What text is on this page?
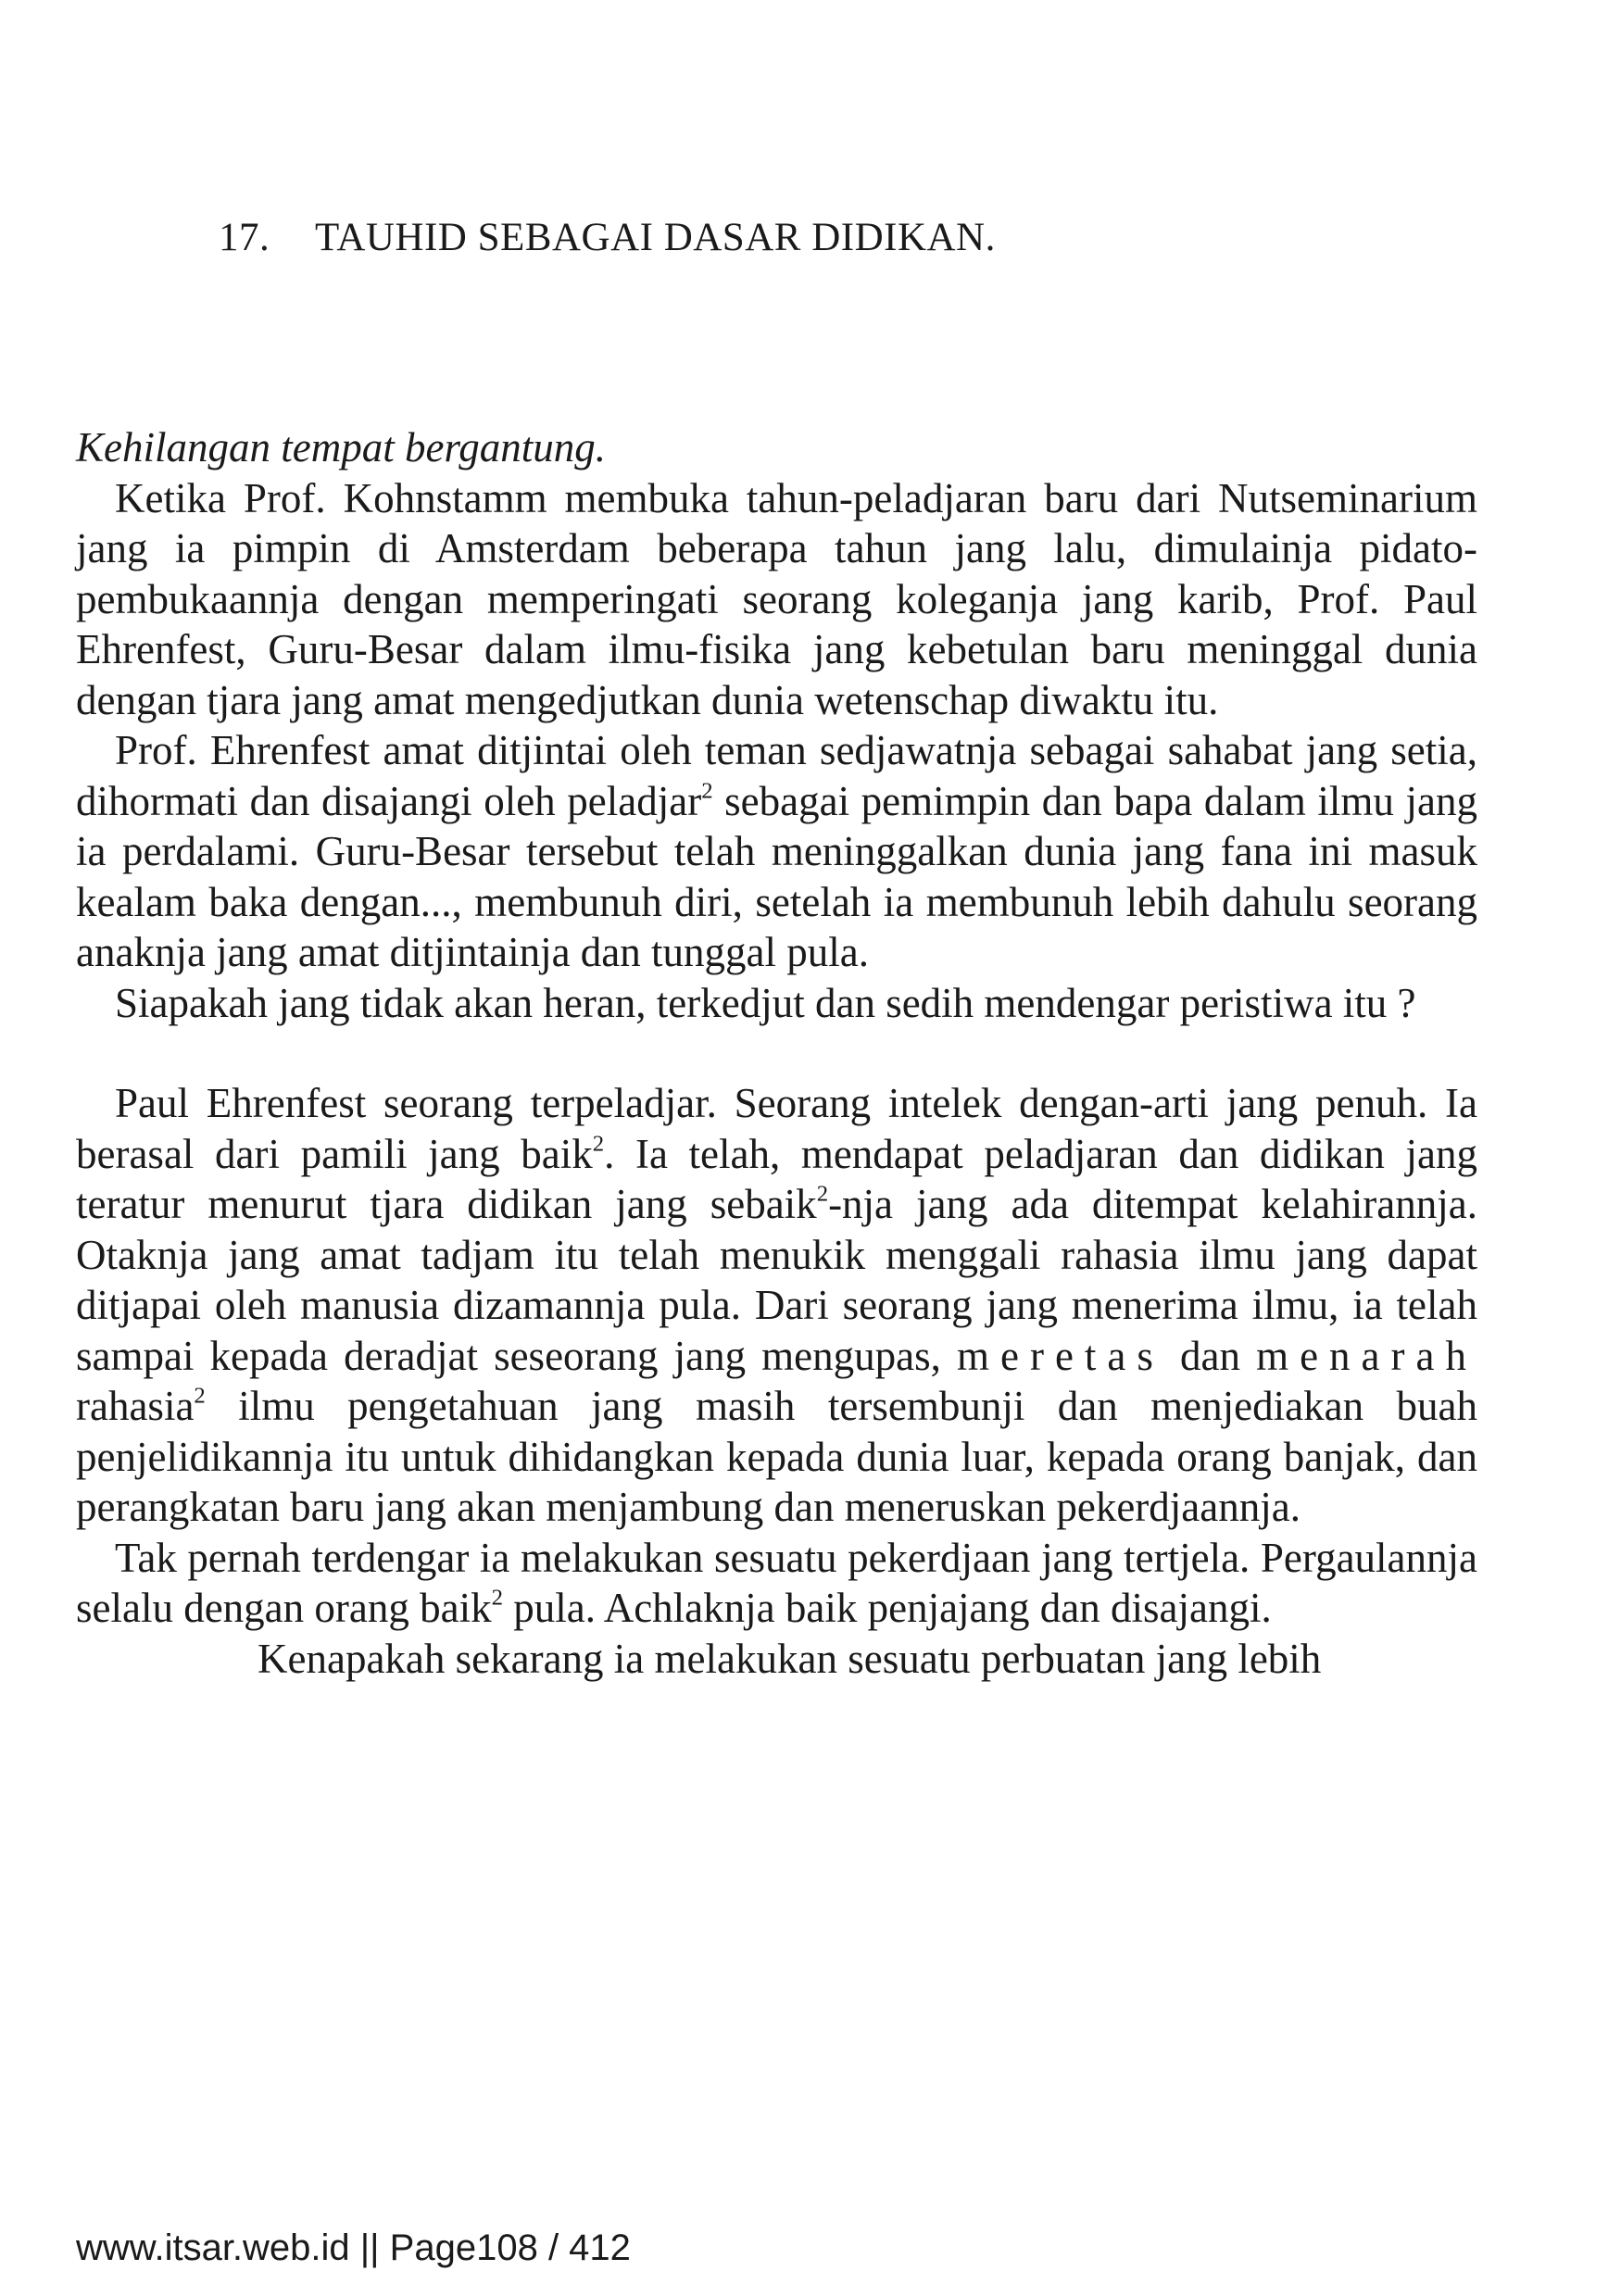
17. TAUHID SEBAGAI DASAR DIDIKAN.

Kehilangan tempat bergantung.

Ketika Prof. Kohnstamm membuka tahun-peladjaran baru dari Nutseminarium jang ia pimpin di Amsterdam beberapa tahun jang lalu, dimulainja pidato-pembukaannja dengan memperingati seorang koleganja jang karib, Prof. Paul Ehrenfest, Guru-Besar dalam ilmu-fisika jang kebetulan baru meninggal dunia dengan tjara jang amat mengedjutkan dunia wetenschap diwaktu itu.

Prof. Ehrenfest amat ditjintai oleh teman sedjawatnja sebagai sahabat jang setia, dihormati dan disajangi oleh peladjar$^2$ sebagai pemimpin dan bapa dalam ilmu jang ia perdalami. Guru-Besar tersebut telah meninggalkan dunia jang fana ini masuk kealam baka dengan..., membunuh diri, setelah ia membunuh lebih dahulu seorang anaknja jang amat ditjintainja dan tunggal pula.

Siapakah jang tidak akan heran, terkedjut dan sedih mendengar peristiwa itu ?

Paul Ehrenfest seorang terpeladjar. Seorang intelek dengan-arti jang penuh. Ia berasal dari pamili jang baik$^2$. Ia telah, mendapat peladjaran dan didikan jang teratur menurut tjara didikan jang sebaik$^2$-nja jang ada ditempat kelahirannja. Otaknja jang amat tadjam itu telah menukik menggali rahasia ilmu jang dapat ditjapai oleh manusia dizamannja pula. Dari seorang jang menerima ilmu, ia telah sampai kepada deradjat seseorang jang mengupas, meretas dan menarah rahasia$^2$ ilmu pengetahuan jang masih tersembunji dan menjediakan buah penjelidikannja itu untuk dihidangkan kepada dunia luar, kepada orang banjak, dan perangkatan baru jang akan menjambung dan meneruskan pekerdjaannja.

Tak pernah terdengar ia melakukan sesuatu pekerdjaan jang tertjela. Pergaulannja selalu dengan orang baik$^2$ pula. Achlaknja baik penjajang dan disajangi.

Kenapakah sekarang ia melakukan sesuatu perbuatan jang lebih

www.itsar.web.id || Page108 / 412
